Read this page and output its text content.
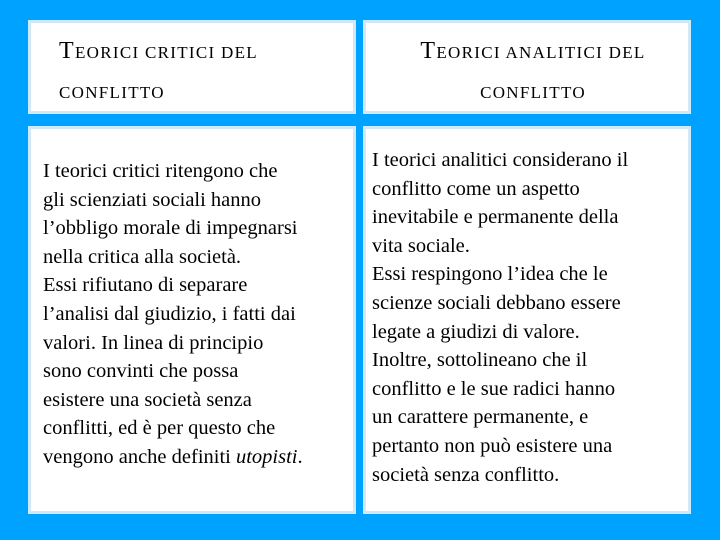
TEORICI CRITICI DEL CONFLITTO
TEORICI ANALITICI DEL CONFLITTO

I teorici critici ritengono che
gli scienziati sociali hanno
l’obbligo morale di impegnarsi
nella critica alla società.
Essi rifiutano di separare
l’analisi dal giudizio, i fatti dai
valori. In linea di principio
sono convinti che possa
esistere una società senza
conflitti, ed è per questo che
vengono anche definiti utopisti.

I teorici analitici considerano il
conflitto come un aspetto
inevitabile e permanente della
vita sociale.
Essi respingono l’idea che le
scienze sociali debbano essere
legate a giudizi di valore.
Inoltre, sottolineano che il
conflitto e le sue radici hanno
un carattere permanente, e
pertanto non può esistere una
società senza conflitto.
